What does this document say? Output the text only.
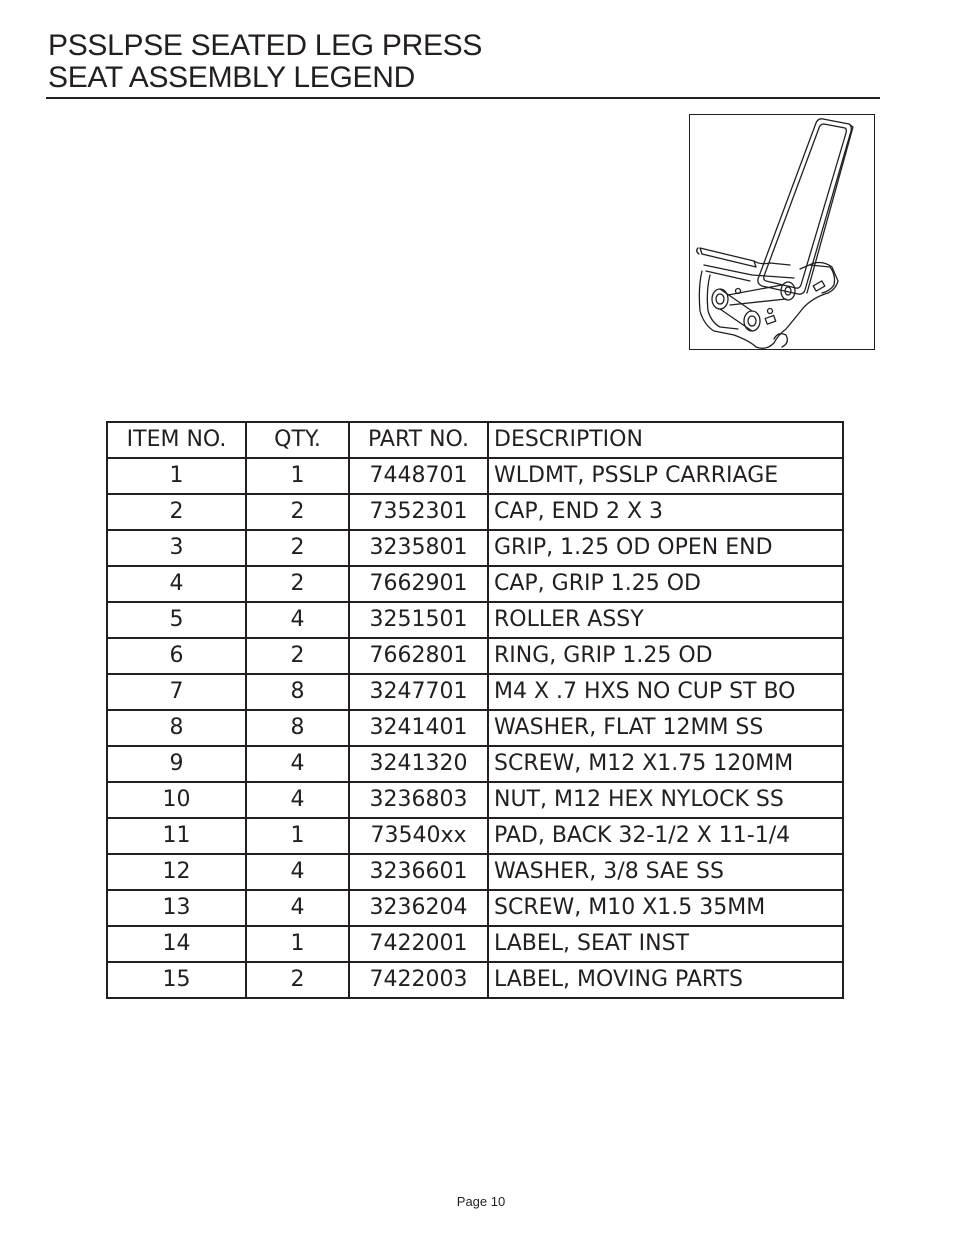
PSSLPSE SEATED LEG PRESS
SEAT ASSEMBLY LEGEND
ITEM NO.	QTY.	PART NO.	DESCRIPTION
1	1	7448701	WLDMT, PSSLP CARRIAGE
2	2	7352301	CAP, END 2 X 3
3	2	3235801	GRIP, 1.25 OD OPEN END
4	2	7662901	CAP, GRIP 1.25 OD
5	4	3251501	ROLLER ASSY
6	2	7662801	RING, GRIP 1.25 OD
7	8	3247701	M4 X .7 HXS NO CUP ST BO
8	8	3241401	WASHER, FLAT 12MM SS
9	4	3241320	SCREW, M12 X1.75 120MM
10	4	3236803	NUT, M12 HEX NYLOCK SS
11	1	73540xx	PAD, BACK 32-1/2 X 11-1/4
12	4	3236601	WASHER, 3/8 SAE SS
13	4	3236204	SCREW, M10 X1.5 35MM
14	1	7422001	LABEL, SEAT INST
15	2	7422003	LABEL, MOVING PARTS
Page 10
